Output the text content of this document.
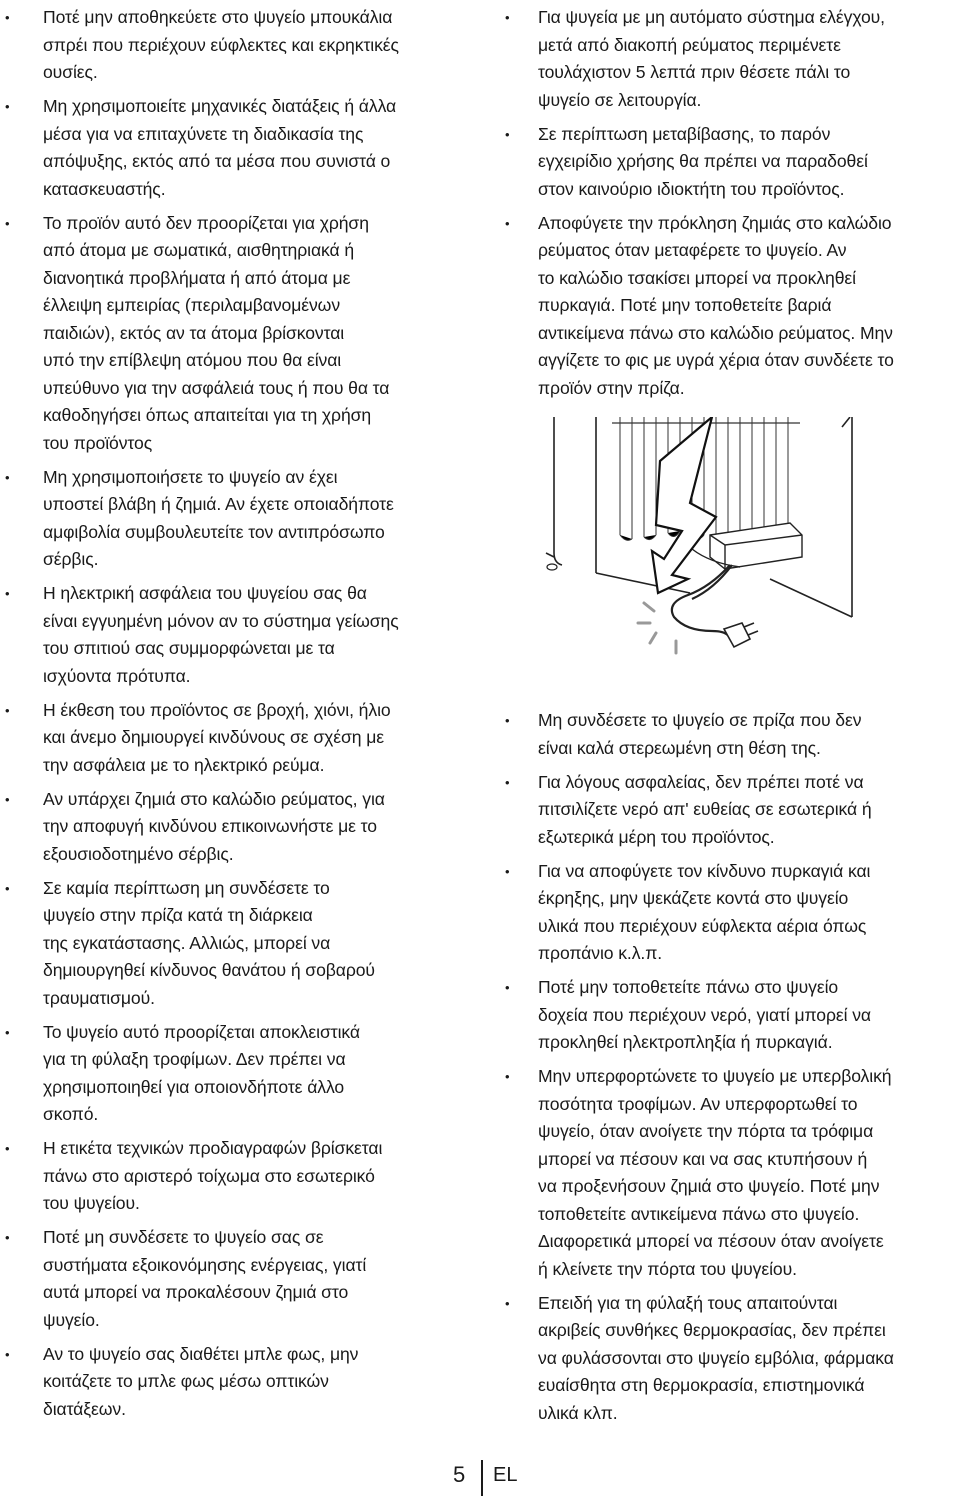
• Ποτέ μην αποθηκεύετε στο ψυγείο μπουκάλια
σπρέι που περιέχουν εύφλεκτες και εκρηκτικές
ουσίες.
• Μη χρησιμοποιείτε μηχανικές διατάξεις ή άλλα
μέσα για να επιταχύνετε τη διαδικασία της
απόψυξης, εκτός από τα μέσα που συνιστά ο
κατασκευαστής.
• Το προϊόν αυτό δεν προορίζεται για χρήση
από άτομα με σωματικά, αισθητηριακά ή
διανοητικά προβλήματα ή από άτομα με
έλλειψη εμπειρίας (περιλαμβανομένων
παιδιών), εκτός αν τα άτομα βρίσκονται
υπό την επίβλεψη ατόμου που θα είναι
υπεύθυνο για την ασφάλειά τους ή που θα τα
καθοδηγήσει όπως απαιτείται για τη χρήση
του προϊόντος
• Μη χρησιμοποιήσετε το ψυγείο αν έχει
υποστεί βλάβη ή ζημιά. Αν έχετε οποιαδήποτε
αμφιβολία συμβουλευτείτε τον αντιπρόσωπο
σέρβις.
• Η ηλεκτρική ασφάλεια του ψυγείου σας θα
είναι εγγυημένη μόνον αν το σύστημα γείωσης
του σπιτιού σας συμμορφώνεται με τα
ισχύοντα πρότυπα.
• Η έκθεση του προϊόντος σε βροχή, χιόνι, ήλιο
και άνεμο δημιουργεί κινδύνους σε σχέση με
την ασφάλεια με το ηλεκτρικό ρεύμα.
• Αν υπάρχει ζημιά στο καλώδιο ρεύματος, για
την αποφυγή κινδύνου επικοινωνήστε με το
εξουσιοδοτημένο σέρβις.
• Σε καμία περίπτωση μη συνδέσετε το
ψυγείο στην πρίζα κατά τη διάρκεια
της εγκατάστασης. Αλλιώς, μπορεί να
δημιουργηθεί κίνδυνος θανάτου ή σοβαρού
τραυματισμού.
• Το ψυγείο αυτό προορίζεται αποκλειστικά
για τη φύλαξη τροφίμων. Δεν πρέπει να
χρησιμοποιηθεί για οποιονδήποτε άλλο
σκοπό.
• Η ετικέτα τεχνικών προδιαγραφών βρίσκεται
πάνω στο αριστερό τοίχωμα στο εσωτερικό
του ψυγείου.
• Ποτέ μη συνδέσετε το ψυγείο σας σε
συστήματα εξοικονόμησης ενέργειας, γιατί
αυτά μπορεί να προκαλέσουν ζημιά στο
ψυγείο.
• Αν το ψυγείο σας διαθέτει μπλε φως, μην
κοιτάζετε το μπλε φως μέσω οπτικών
διατάξεων.
• Για ψυγεία με μη αυτόματο σύστημα ελέγχου,
μετά από διακοπή ρεύματος περιμένετε
τουλάχιστον 5 λεπτά πριν θέσετε πάλι το
ψυγείο σε λειτουργία.
• Σε περίπτωση μεταβίβασης, το παρόν
εγχειρίδιο χρήσης θα πρέπει να παραδοθεί
στον καινούριο ιδιοκτήτη του προϊόντος.
• Αποφύγετε την πρόκληση ζημιάς στο καλώδιο
ρεύματος όταν μεταφέρετε το ψυγείο. Αν
το καλώδιο τσακίσει μπορεί να προκληθεί
πυρκαγιά. Ποτέ μην τοποθετείτε βαριά
αντικείμενα πάνω στο καλώδιο ρεύματος. Μην
αγγίζετε το φις με υγρά χέρια όταν συνδέετε το
προϊόν στην πρίζα.
• Μη συνδέσετε το ψυγείο σε πρίζα που δεν
είναι καλά στερεωμένη στη θέση της.
• Για λόγους ασφαλείας, δεν πρέπει ποτέ να
πιτσιλίζετε νερό απ' ευθείας σε εσωτερικά ή
εξωτερικά μέρη του προϊόντος.
• Για να αποφύγετε τον κίνδυνο πυρκαγιά και
έκρηξης, μην ψεκάζετε κοντά στο ψυγείο
υλικά που περιέχουν εύφλεκτα αέρια όπως
προπάνιο κ.λ.π.
• Ποτέ μην τοποθετείτε πάνω στο ψυγείο
δοχεία που περιέχουν νερό, γιατί μπορεί να
προκληθεί ηλεκτροπληξία ή πυρκαγιά.
• Μην υπερφορτώνετε το ψυγείο με υπερβολική
ποσότητα τροφίμων. Αν υπερφορτωθεί το
ψυγείο, όταν ανοίγετε την πόρτα τα τρόφιμα
μπορεί να πέσουν και να σας κτυπήσουν ή
να προξενήσουν ζημιά στο ψυγείο. Ποτέ μην
τοποθετείτε αντικείμενα πάνω στο ψυγείο.
Διαφορετικά μπορεί να πέσουν όταν ανοίγετε
ή κλείνετε την πόρτα του ψυγείου.
• Επειδή για τη φύλαξή τους απαιτούνται
ακριβείς συνθήκες θερμοκρασίας, δεν πρέπει
να φυλάσσονται στο ψυγείο εμβόλια, φάρμακα
ευαίσθητα στη θερμοκρασία, επιστημονικά
υλικά κλπ.
5 EL
